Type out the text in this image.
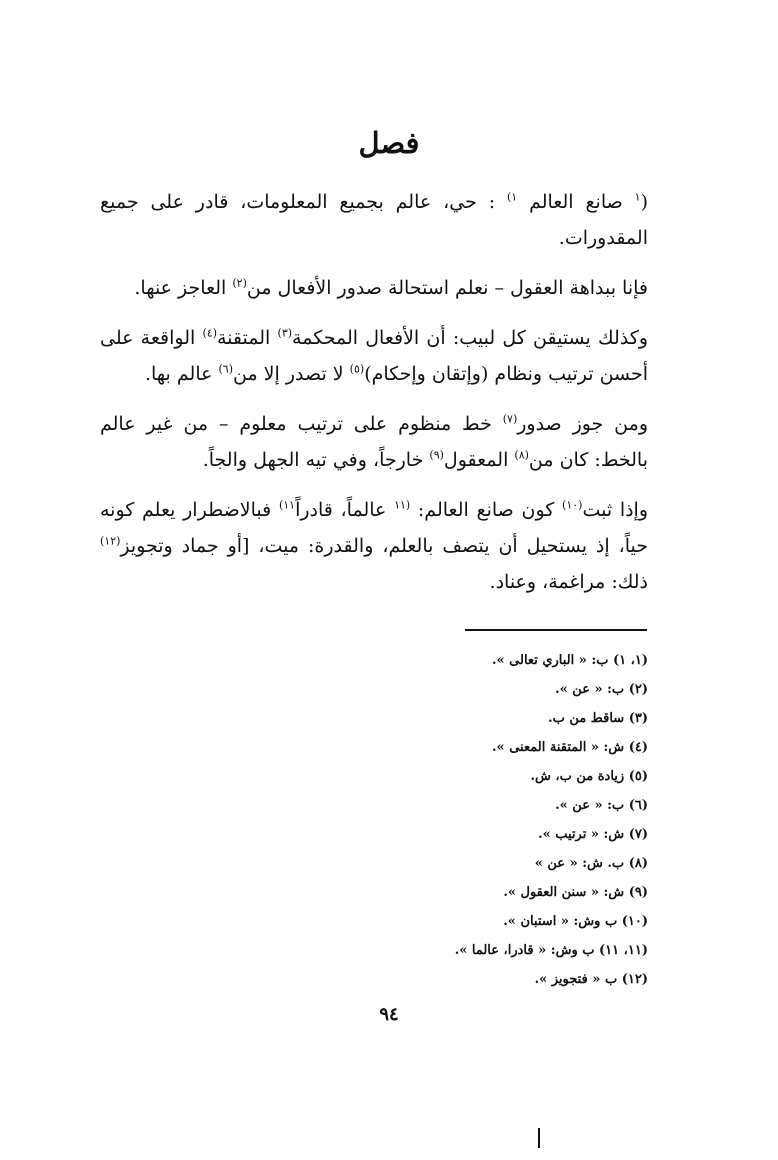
فصل

($^١$ صانع العالم $^{١)}$ : حي، عالم بجميع المعلومات، قادر على جميع المقدورات.

فإنا ببداهة العقول – نعلم استحالة صدور الأفعال من$^{(٢)}$ العاجز عنها.

وكذلك يستيقن كل لبيب: أن الأفعال المحكمة$^{(٣)}$ المتقنة$^{(٤)}$ الواقعة على أحسن ترتيب ونظام (وإتقان وإحكام)$^{(٥)}$ لا تصدر إلا من$^{(٦)}$ عالم بها.

ومن جوز صدور$^{(٧)}$ خط منظوم على ترتيب معلوم – من غير عالم بالخط: كان من$^{(٨)}$ المعقول$^{(٩)}$ خارجاً، وفي تيه الجهل والجاً.

وإذا ثبت$^{(١٠)}$ كون صانع العالم: $^{(١١}$ عالماً، قادراً$^{١١)}$ فبالاضطرار يعلم كونه حياً، إذ يستحيل أن يتصف بالعلم، والقدرة: ميت، [أو جماد وتجويز$^{(١٢)}$ ذلك: مراغمة، وعناد.

(١، ١) ب: « الباري تعالى ».
(٢) ب: « عن ».
(٣) ساقط من ب.
(٤) ش: « المتقنة المعنى ».
(٥) زيادة من ب، ش.
(٦) ب: « عن ».
(٧) ش: « ترتيب ».
(٨) ب. ش: « عن »
(٩) ش: « سنن العقول ».
(١٠) ب وش: « استبان ».
(١١، ١١) ب وش: « قادرا، عالما ».
(١٢) ب « فتجويز ».
٩٤
